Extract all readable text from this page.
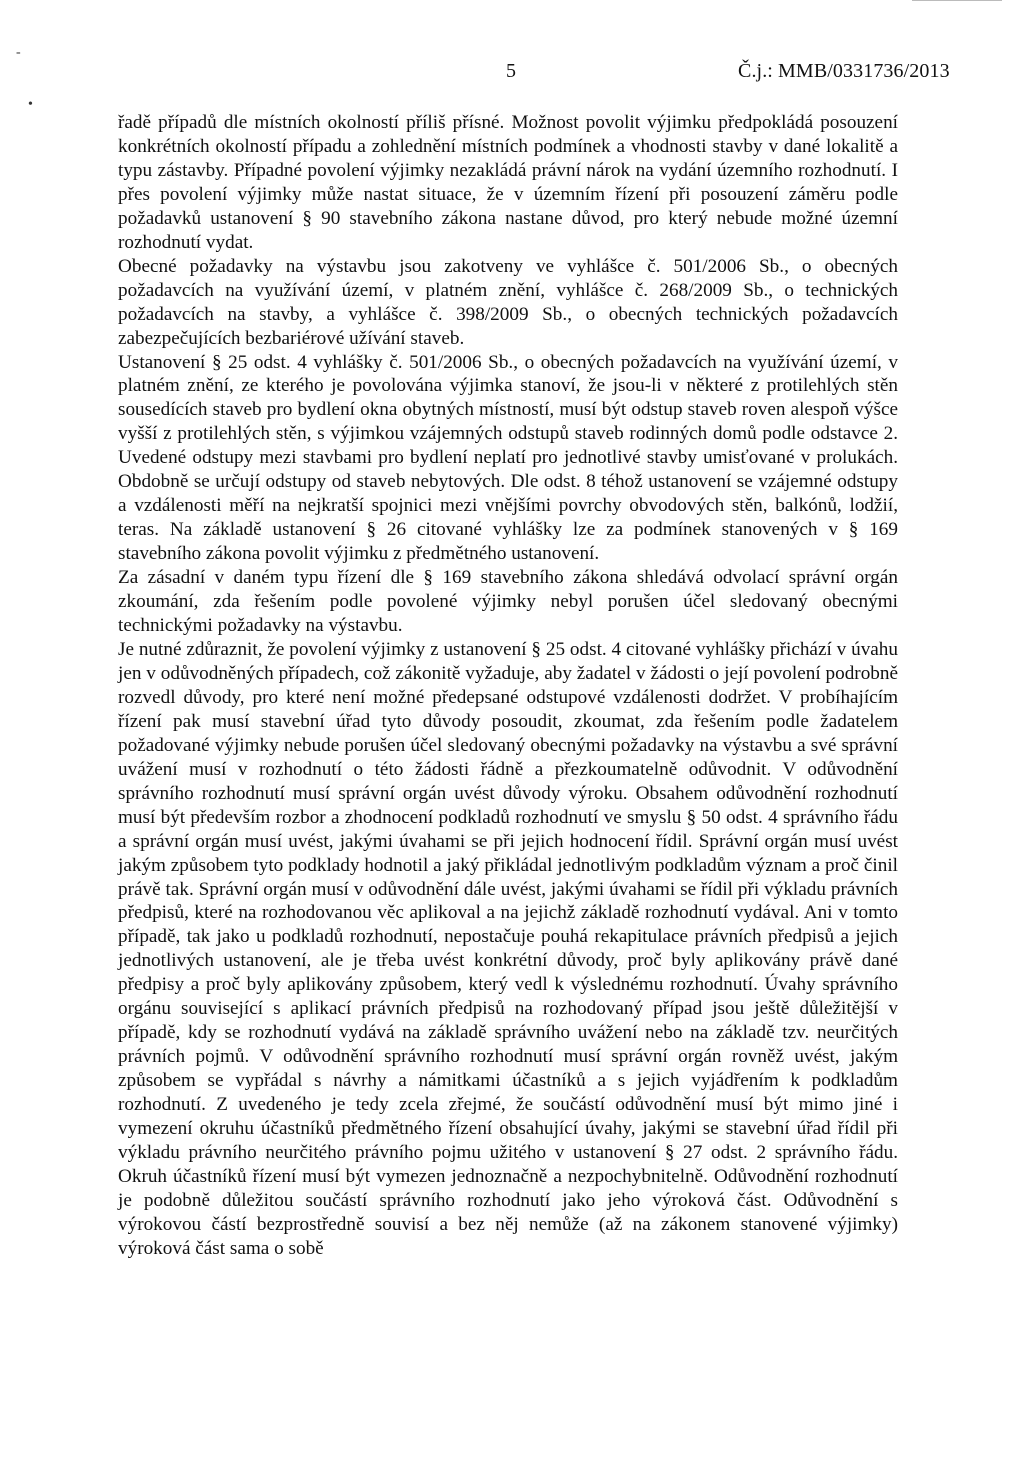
-
•
5	Č.j.: MMB/0331736/2013

řadě případů dle místních okolností příliš přísné. Možnost povolit výjimku předpokládá posouzení konkrétních okolností případu a zohlednění místních podmínek a vhodnosti stavby v dané lokalitě a typu zástavby. Případné povolení výjimky nezakládá právní nárok na vydání územního rozhodnutí. I přes povolení výjimky může nastat situace, že v územním řízení při posouzení záměru podle požadavků ustanovení § 90 stavebního zákona nastane důvod, pro který nebude možné územní rozhodnutí vydat.

Obecné požadavky na výstavbu jsou zakotveny ve vyhlášce č. 501/2006 Sb., o obecných požadavcích na využívání území, v platném znění, vyhlášce č. 268/2009 Sb., o technických požadavcích na stavby, a vyhlášce č. 398/2009 Sb., o obecných technických požadavcích zabezpečujících bezbariérové užívání staveb.

Ustanovení § 25 odst. 4 vyhlášky č. 501/2006 Sb., o obecných požadavcích na využívání území, v platném znění, ze kterého je povolována výjimka stanoví, že jsou-li v některé z protilehlých stěn sousedících staveb pro bydlení okna obytných místností, musí být odstup staveb roven alespoň výšce vyšší z protilehlých stěn, s výjimkou vzájemných odstupů staveb rodinných domů podle odstavce 2. Uvedené odstupy mezi stavbami pro bydlení neplatí pro jednotlivé stavby umisťované v prolukách. Obdobně se určují odstupy od staveb nebytových. Dle odst. 8 téhož ustanovení se vzájemné odstupy a vzdálenosti měří na nejkratší spojnici mezi vnějšími povrchy obvodových stěn, balkónů, lodžií, teras. Na základě ustanovení § 26 citované vyhlášky lze za podmínek stanovených v § 169 stavebního zákona povolit výjimku z předmětného ustanovení.

Za zásadní v daném typu řízení dle § 169 stavebního zákona shledává odvolací správní orgán zkoumání, zda řešením podle povolené výjimky nebyl porušen účel sledovaný obecnými technickými požadavky na výstavbu.

Je nutné zdůraznit, že povolení výjimky z ustanovení § 25 odst. 4 citované vyhlášky přichází v úvahu jen v odůvodněných případech, což zákonitě vyžaduje, aby žadatel v žádosti o její povolení podrobně rozvedl důvody, pro které není možné předepsané odstupové vzdálenosti dodržet. V probíhajícím řízení pak musí stavební úřad tyto důvody posoudit, zkoumat, zda řešením podle žadatelem požadované výjimky nebude porušen účel sledovaný obecnými požadavky na výstavbu a své správní uvážení musí v rozhodnutí o této žádosti řádně a přezkoumatelně odůvodnit. V odůvodnění správního rozhodnutí musí správní orgán uvést důvody výroku. Obsahem odůvodnění rozhodnutí musí být především rozbor a zhodnocení podkladů rozhodnutí ve smyslu § 50 odst. 4 správního řádu a správní orgán musí uvést, jakými úvahami se při jejich hodnocení řídil. Správní orgán musí uvést jakým způsobem tyto podklady hodnotil a jaký přikládal jednotlivým podkladům význam a proč činil právě tak. Správní orgán musí v odůvodnění dále uvést, jakými úvahami se řídil při výkladu právních předpisů, které na rozhodovanou věc aplikoval a na jejichž základě rozhodnutí vydával. Ani v tomto případě, tak jako u podkladů rozhodnutí, nepostačuje pouhá rekapitulace právních předpisů a jejich jednotlivých ustanovení, ale je třeba uvést konkrétní důvody, proč byly aplikovány právě dané předpisy a proč byly aplikovány způsobem, který vedl k výslednému rozhodnutí. Úvahy správního orgánu související s aplikací právních předpisů na rozhodovaný případ jsou ještě důležitější v případě, kdy se rozhodnutí vydává na základě správního uvážení nebo na základě tzv. neurčitých právních pojmů. V odůvodnění správního rozhodnutí musí správní orgán rovněž uvést, jakým způsobem se vypřádal s návrhy a námitkami účastníků a s jejich vyjádřením k podkladům rozhodnutí. Z uvedeného je tedy zcela zřejmé, že součástí odůvodnění musí být mimo jiné i vymezení okruhu účastníků předmětného řízení obsahující úvahy, jakými se stavební úřad řídil při výkladu právního neurčitého právního pojmu užitého v ustanovení § 27 odst. 2 správního řádu. Okruh účastníků řízení musí být vymezen jednoznačně a nezpochybnitelně. Odůvodnění rozhodnutí je podobně důležitou součástí správního rozhodnutí jako jeho výroková část. Odůvodnění s výrokovou částí bezprostředně souvisí a bez něj nemůže (až na zákonem stanovené výjimky) výroková část sama o sobě
